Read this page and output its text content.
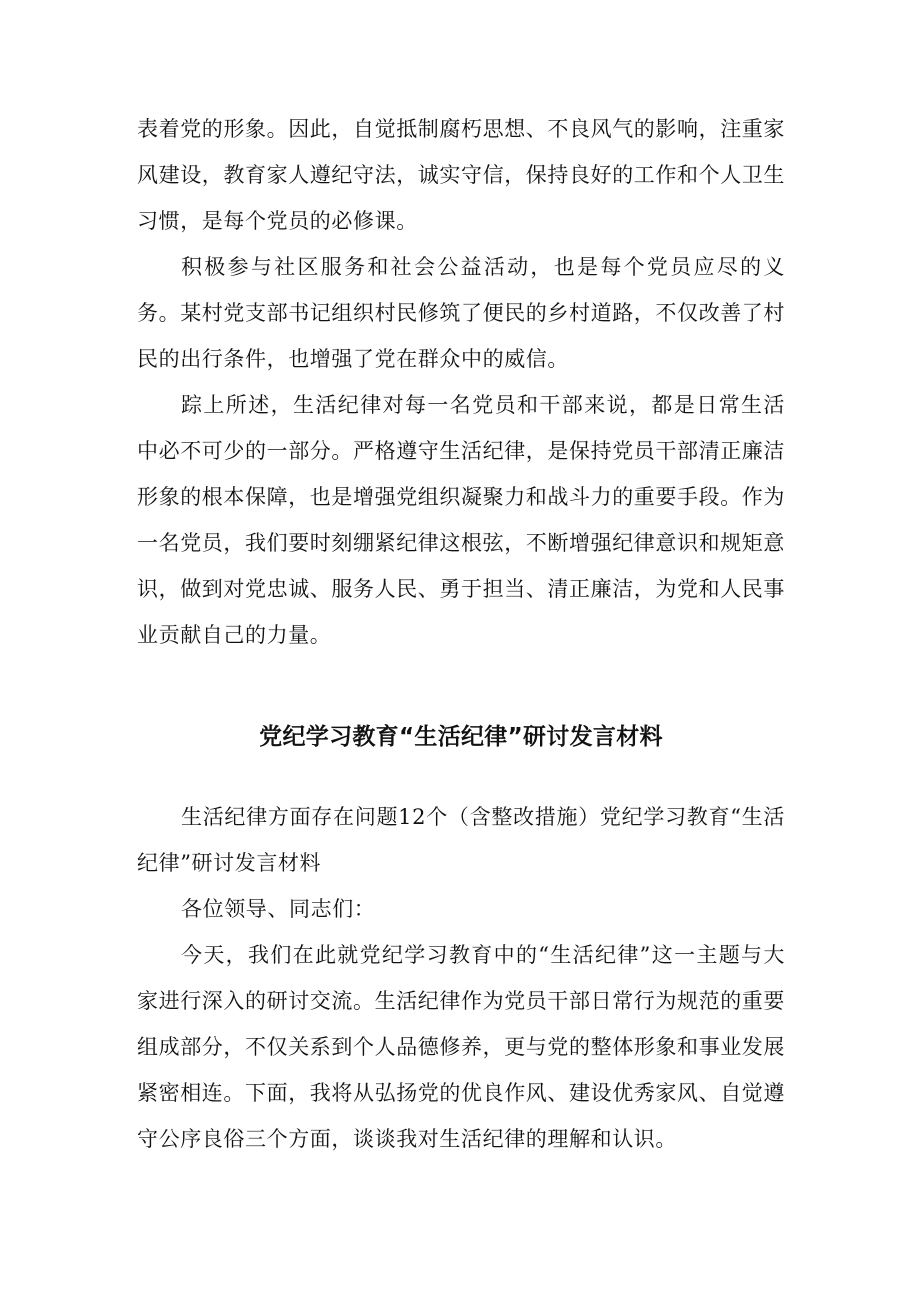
表着党的形象。因此，自觉抵制腐朽思想、不良风气的影响，注重家风建设，教育家人遵纪守法，诚实守信，保持良好的工作和个人卫生习惯，是每个党员的必修课。

积极参与社区服务和社会公益活动，也是每个党员应尽的义务。某村党支部书记组织村民修筑了便民的乡村道路，不仅改善了村民的出行条件，也增强了党在群众中的威信。

踪上所述，生活纪律对每一名党员和干部来说，都是日常生活中必不可少的一部分。严格遵守生活纪律，是保持党员干部清正廉洁形象的根本保障，也是增强党组织凝聚力和战斗力的重要手段。作为一名党员，我们要时刻绷紧纪律这根弦，不断增强纪律意识和规矩意识，做到对党忠诚、服务人民、勇于担当、清正廉洁，为党和人民事业贡献自己的力量。

党纪学习教育“生活纪律”研讨发言材料

生活纪律方面存在问题12个（含整改措施）党纪学习教育“生活纪律”研讨发言材料

各位领导、同志们：

今天，我们在此就党纪学习教育中的“生活纪律”这一主题与大家进行深入的研讨交流。生活纪律作为党员干部日常行为规范的重要组成部分，不仅关系到个人品德修养，更与党的整体形象和事业发展紧密相连。下面，我将从弘扬党的优良作风、建设优秀家风、自觉遵守公序良俗三个方面，谈谈我对生活纪律的理解和认识。
